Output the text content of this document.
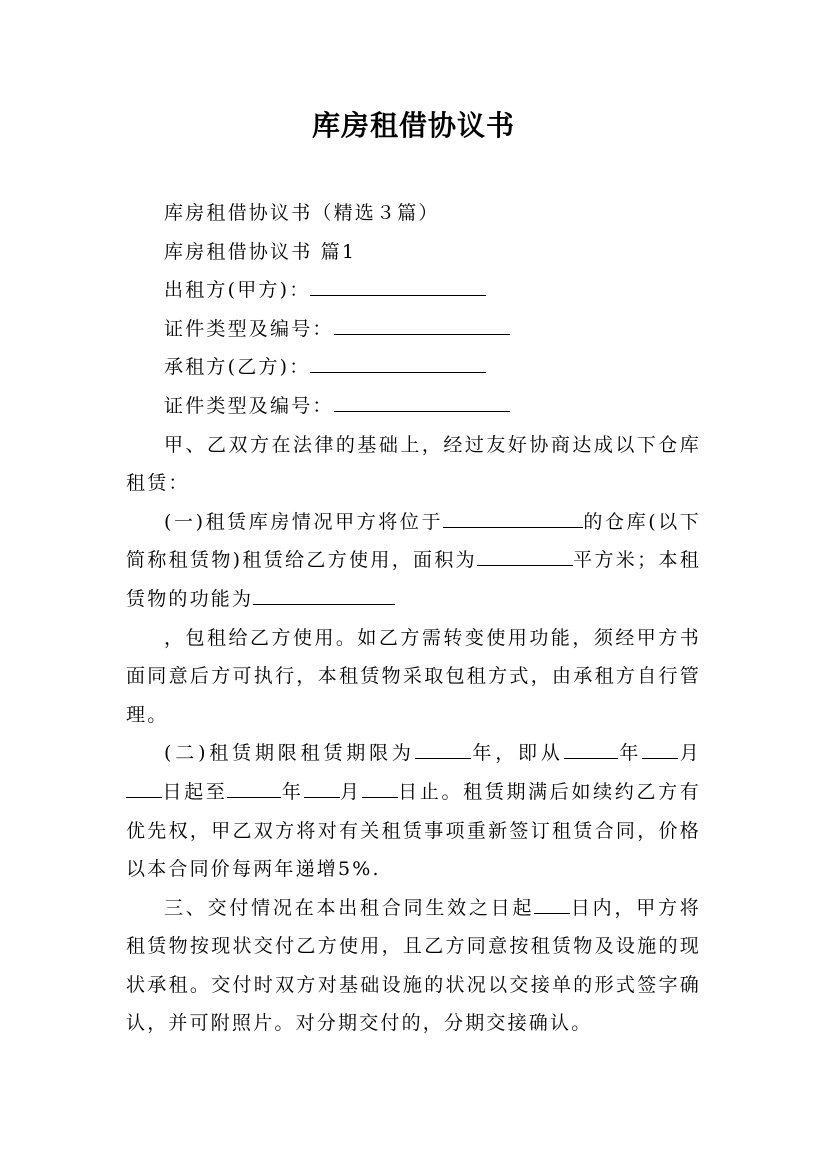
库房租借协议书

库房租借协议书（精选３篇）

库房租借协议书 篇1

出租方(甲方)：

证件类型及编号：

承租方(乙方)：

证件类型及编号：

甲、乙双方在法律的基础上，经过友好协商达成以下仓库租赁：

(一)租赁库房情况甲方将位于	的仓库(以下简称租赁物)租赁给乙方使用，面积为	平方米；本租赁物的功能为

，包租给乙方使用。如乙方需转变使用功能，须经甲方书面同意后方可执行，本租赁物采取包租方式，由承租方自行管理。

(二)租赁期限租赁期限为	年，即从	年 月日起至	年 月 日止。租赁期满后如续约乙方有优先权，甲乙双方将对有关租赁事项重新签订租赁合同，价格以本合同价每两年递增5%.

三、交付情况在本出租合同生效之日起 日内，甲方将租赁物按现状交付乙方使用，且乙方同意按租赁物及设施的现状承租。交付时双方对基础设施的状况以交接单的形式签字确认，并可附照片。对分期交付的，分期交接确认。
